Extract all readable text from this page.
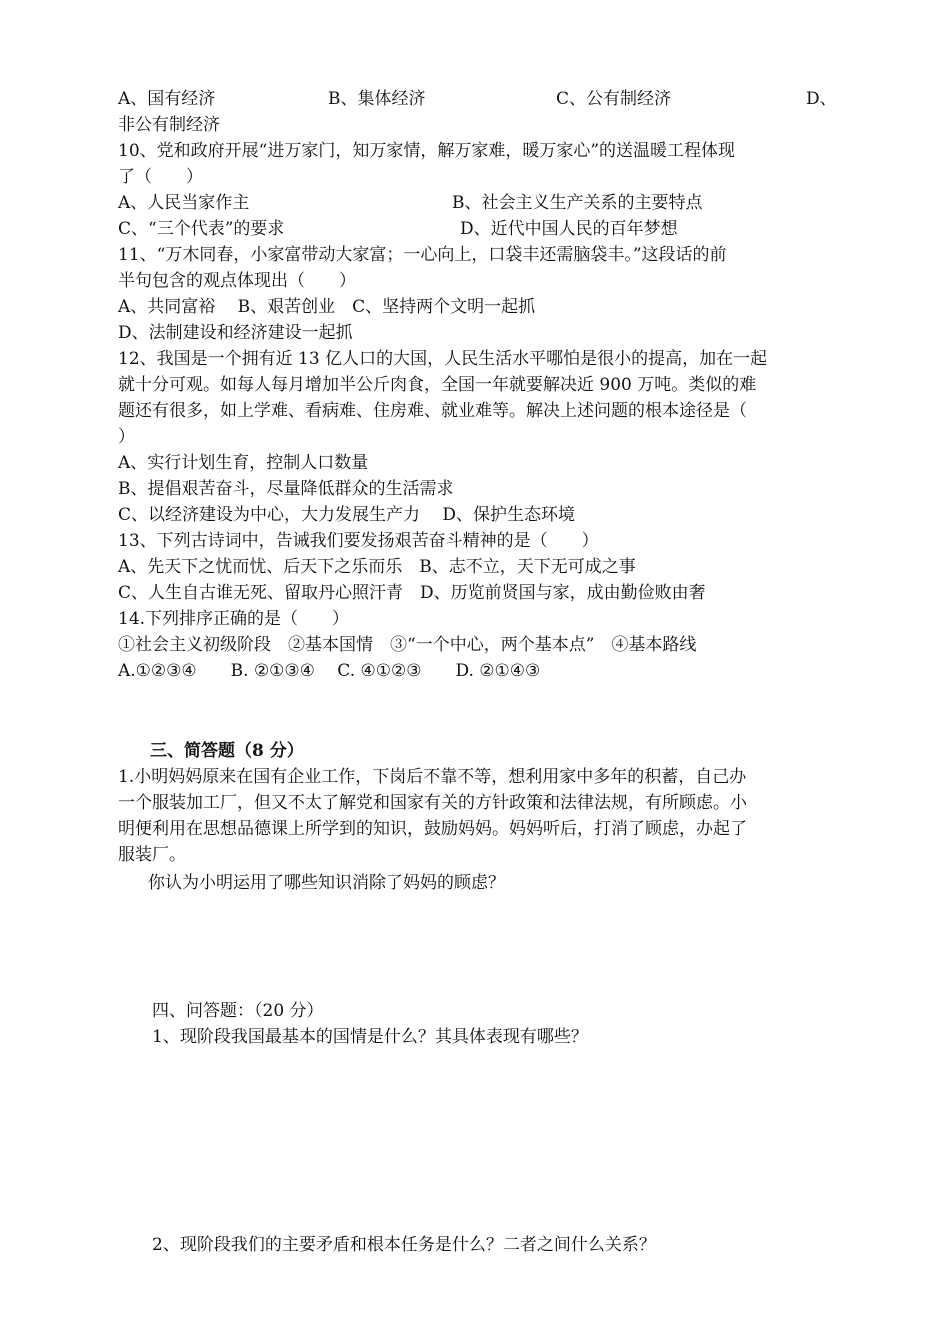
A、国有经济	B、集体经济	C、公有制经济	D、
非公有制经济
10、党和政府开展“进万家门，知万家情，解万家难，暖万家心”的送温暖工程体现
了（　　）
A、人民当家作主	B、社会主义生产关系的主要特点
C、“三个代表”的要求	D、近代中国人民的百年梦想
11、“万木同春，小家富带动大家富；一心向上，口袋丰还需脑袋丰。”这段话的前
半句包含的观点体现出（　　）
A、共同富裕　 B、艰苦创业　C、坚持两个文明一起抓
D、法制建设和经济建设一起抓
12、我国是一个拥有近 13 亿人口的大国，人民生活水平哪怕是很小的提高，加在一起
就十分可观。如每人每月增加半公斤肉食，全国一年就要解决近 900 万吨。类似的难
题还有很多，如上学难、看病难、住房难、就业难等。解决上述问题的根本途径是（
）
A、实行计划生育，控制人口数量
B、提倡艰苦奋斗，尽量降低群众的生活需求
C、以经济建设为中心，大力发展生产力　 D、保护生态环境
13、下列古诗词中，告诫我们要发扬艰苦奋斗精神的是（　　）
A、先天下之忧而忧、后天下之乐而乐　B、志不立，天下无可成之事
C、人生自古谁无死、留取丹心照汗青　D、历览前贤国与家，成由勤俭败由奢
14.下列排序正确的是（　　）
①社会主义初级阶段　②基本国情　③“一个中心，两个基本点”　④基本路线
A.①②③④　　B. ②①③④　 C. ④①②③　　D. ②①④③
三、简答题（8 分）
1.小明妈妈原来在国有企业工作，下岗后不靠不等，想利用家中多年的积蓄，自己办
一个服装加工厂，但又不太了解党和国家有关的方针政策和法律法规，有所顾虑。小
明便利用在思想品德课上所学到的知识，鼓励妈妈。妈妈听后，打消了顾虑，办起了
服装厂。
你认为小明运用了哪些知识消除了妈妈的顾虑？
四、问答题：（20 分）
1、现阶段我国最基本的国情是什么？其具体表现有哪些？
2、现阶段我们的主要矛盾和根本任务是什么？二者之间什么关系？
